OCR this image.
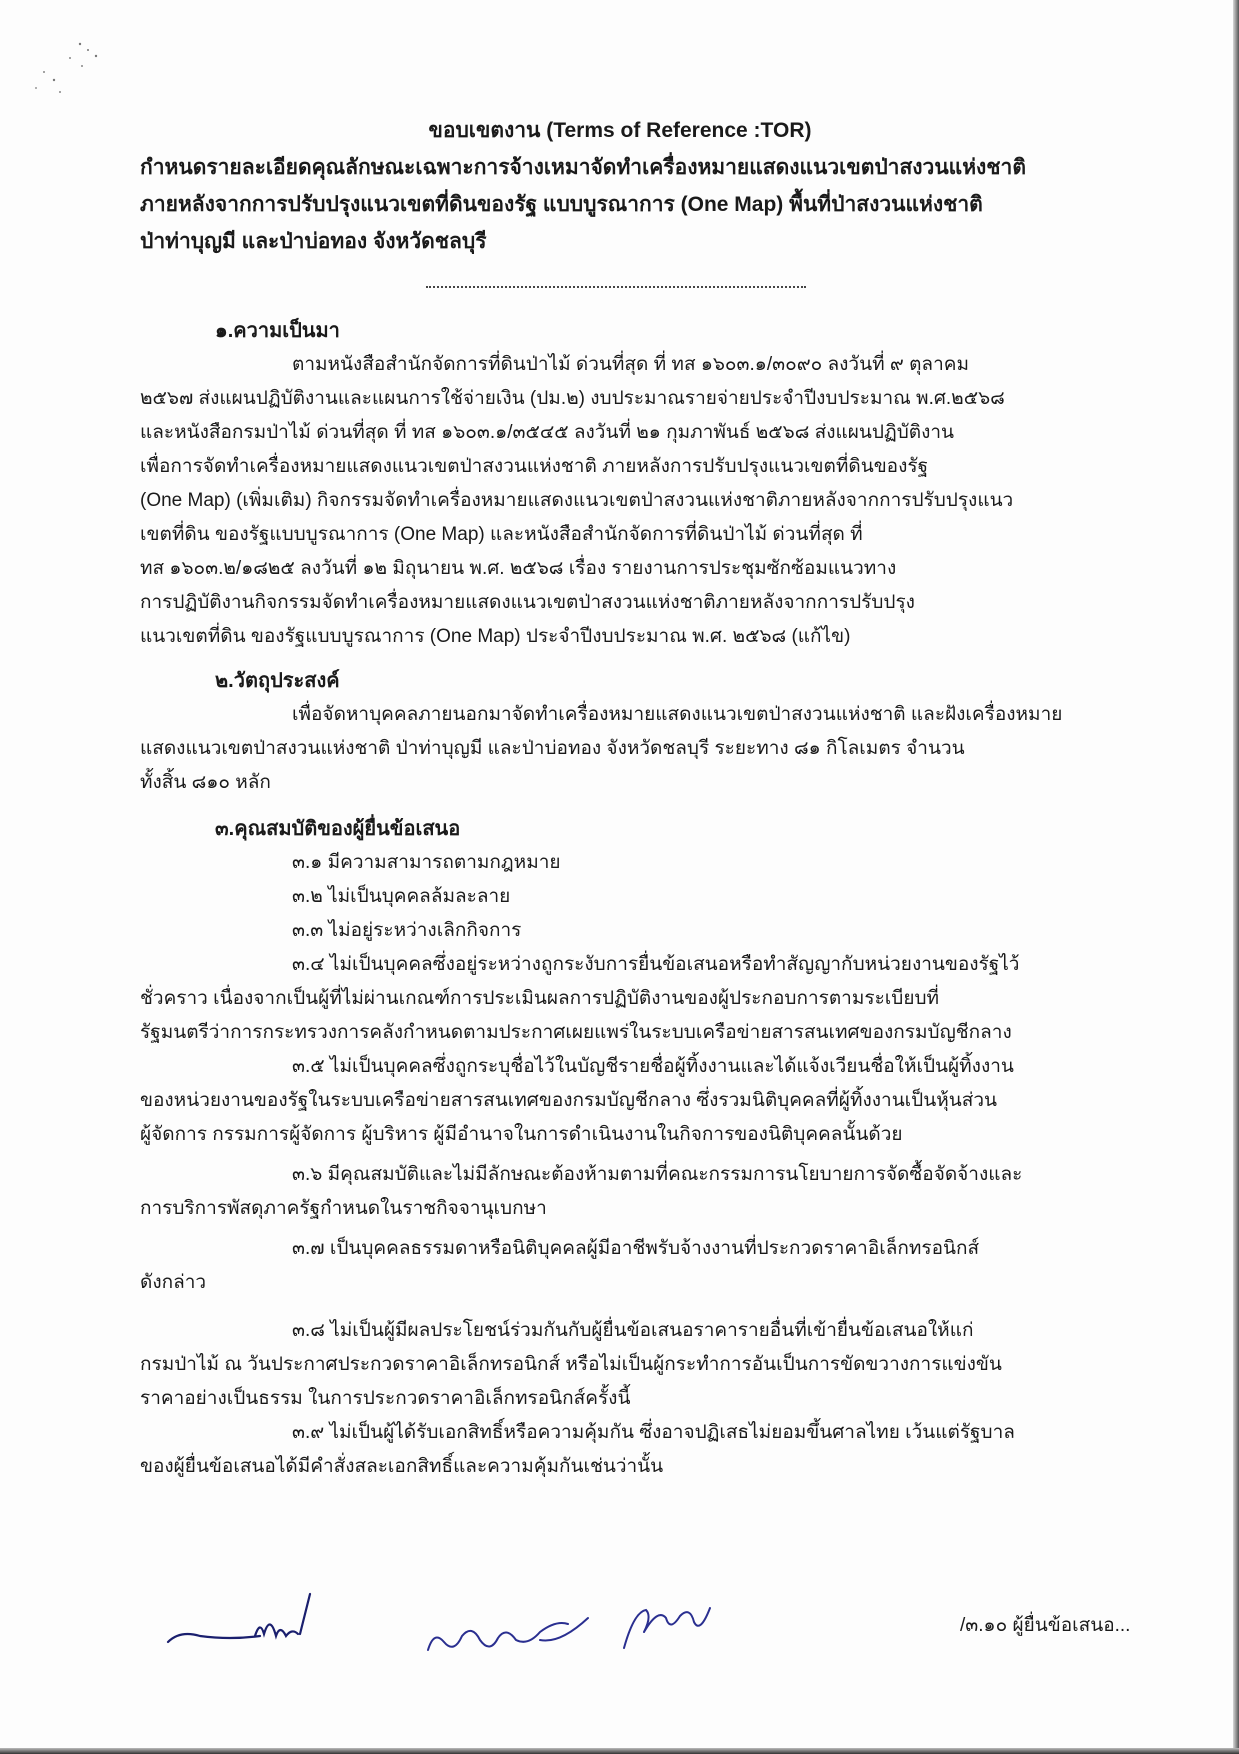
ขอบเขตงาน (Terms of Reference :TOR)
กำหนดรายละเอียดคุณลักษณะเฉพาะการจ้างเหมาจัดทำเครื่องหมายแสดงแนวเขตป่าสงวนแห่งชาติ
ภายหลังจากการปรับปรุงแนวเขตที่ดินของรัฐ แบบบูรณาการ (One Map) พื้นที่ป่าสงวนแห่งชาติ
ป่าท่าบุญมี และป่าบ่อทอง จังหวัดชลบุรี
๑.ความเป็นมา
ตามหนังสือสำนักจัดการที่ดินป่าไม้ ด่วนที่สุด ที่ ทส ๑๖๐๓.๑/๓๐๙๐ ลงวันที่ ๙ ตุลาคม
๒๕๖๗ ส่งแผนปฏิบัติงานและแผนการใช้จ่ายเงิน (ปม.๒) งบประมาณรายจ่ายประจำปีงบประมาณ พ.ศ.๒๕๖๘
และหนังสือกรมป่าไม้ ด่วนที่สุด ที่ ทส ๑๖๐๓.๑/๓๕๔๕ ลงวันที่ ๒๑ กุมภาพันธ์ ๒๕๖๘ ส่งแผนปฏิบัติงาน
เพื่อการจัดทำเครื่องหมายแสดงแนวเขตป่าสงวนแห่งชาติ ภายหลังการปรับปรุงแนวเขตที่ดินของรัฐ
(One Map) (เพิ่มเติม) กิจกรรมจัดทำเครื่องหมายแสดงแนวเขตป่าสงวนแห่งชาติภายหลังจากการปรับปรุงแนว
เขตที่ดิน ของรัฐแบบบูรณาการ (One Map) และหนังสือสำนักจัดการที่ดินป่าไม้ ด่วนที่สุด ที่
ทส ๑๖๐๓.๒/๑๘๒๕ ลงวันที่ ๑๒ มิถุนายน พ.ศ. ๒๕๖๘ เรื่อง รายงานการประชุมซักซ้อมแนวทาง
การปฏิบัติงานกิจกรรมจัดทำเครื่องหมายแสดงแนวเขตป่าสงวนแห่งชาติภายหลังจากการปรับปรุง
แนวเขตที่ดิน ของรัฐแบบบูรณาการ (One Map) ประจำปีงบประมาณ พ.ศ. ๒๕๖๘ (แก้ไข)
๒.วัตถุประสงค์
เพื่อจัดหาบุคคลภายนอกมาจัดทำเครื่องหมายแสดงแนวเขตป่าสงวนแห่งชาติ และฝังเครื่องหมาย
แสดงแนวเขตป่าสงวนแห่งชาติ ป่าท่าบุญมี และป่าบ่อทอง จังหวัดชลบุรี ระยะทาง ๘๑ กิโลเมตร จำนวน
ทั้งสิ้น ๘๑๐ หลัก
๓.คุณสมบัติของผู้ยื่นข้อเสนอ
๓.๑ มีความสามารถตามกฎหมาย
๓.๒ ไม่เป็นบุคคลล้มละลาย
๓.๓ ไม่อยู่ระหว่างเลิกกิจการ
๓.๔ ไม่เป็นบุคคลซึ่งอยู่ระหว่างถูกระงับการยื่นข้อเสนอหรือทำสัญญากับหน่วยงานของรัฐไว้
ชั่วคราว เนื่องจากเป็นผู้ที่ไม่ผ่านเกณฑ์การประเมินผลการปฏิบัติงานของผู้ประกอบการตามระเบียบที่
รัฐมนตรีว่าการกระทรวงการคลังกำหนดตามประกาศเผยแพร่ในระบบเครือข่ายสารสนเทศของกรมบัญชีกลาง
๓.๕ ไม่เป็นบุคคลซึ่งถูกระบุชื่อไว้ในบัญชีรายชื่อผู้ทิ้งงานและได้แจ้งเวียนชื่อให้เป็นผู้ทิ้งงาน
ของหน่วยงานของรัฐในระบบเครือข่ายสารสนเทศของกรมบัญชีกลาง ซึ่งรวมนิติบุคคลที่ผู้ทิ้งงานเป็นหุ้นส่วน
ผู้จัดการ กรรมการผู้จัดการ ผู้บริหาร ผู้มีอำนาจในการดำเนินงานในกิจการของนิติบุคคลนั้นด้วย
๓.๖ มีคุณสมบัติและไม่มีลักษณะต้องห้ามตามที่คณะกรรมการนโยบายการจัดซื้อจัดจ้างและ
การบริการพัสดุภาครัฐกำหนดในราชกิจจานุเบกษา
๓.๗ เป็นบุคคลธรรมดาหรือนิติบุคคลผู้มีอาชีพรับจ้างงานที่ประกวดราคาอิเล็กทรอนิกส์
ดังกล่าว
๓.๘ ไม่เป็นผู้มีผลประโยชน์ร่วมกันกับผู้ยื่นข้อเสนอราคารายอื่นที่เข้ายื่นข้อเสนอให้แก่
กรมป่าไม้ ณ วันประกาศประกวดราคาอิเล็กทรอนิกส์ หรือไม่เป็นผู้กระทำการอันเป็นการขัดขวางการแข่งขัน
ราคาอย่างเป็นธรรม ในการประกวดราคาอิเล็กทรอนิกส์ครั้งนี้
๓.๙ ไม่เป็นผู้ได้รับเอกสิทธิ์หรือความคุ้มกัน ซึ่งอาจปฏิเสธไม่ยอมขึ้นศาลไทย เว้นแต่รัฐบาล
ของผู้ยื่นข้อเสนอได้มีคำสั่งสละเอกสิทธิ์และความคุ้มกันเช่นว่านั้น
/๓.๑๐ ผู้ยื่นข้อเสนอ...
